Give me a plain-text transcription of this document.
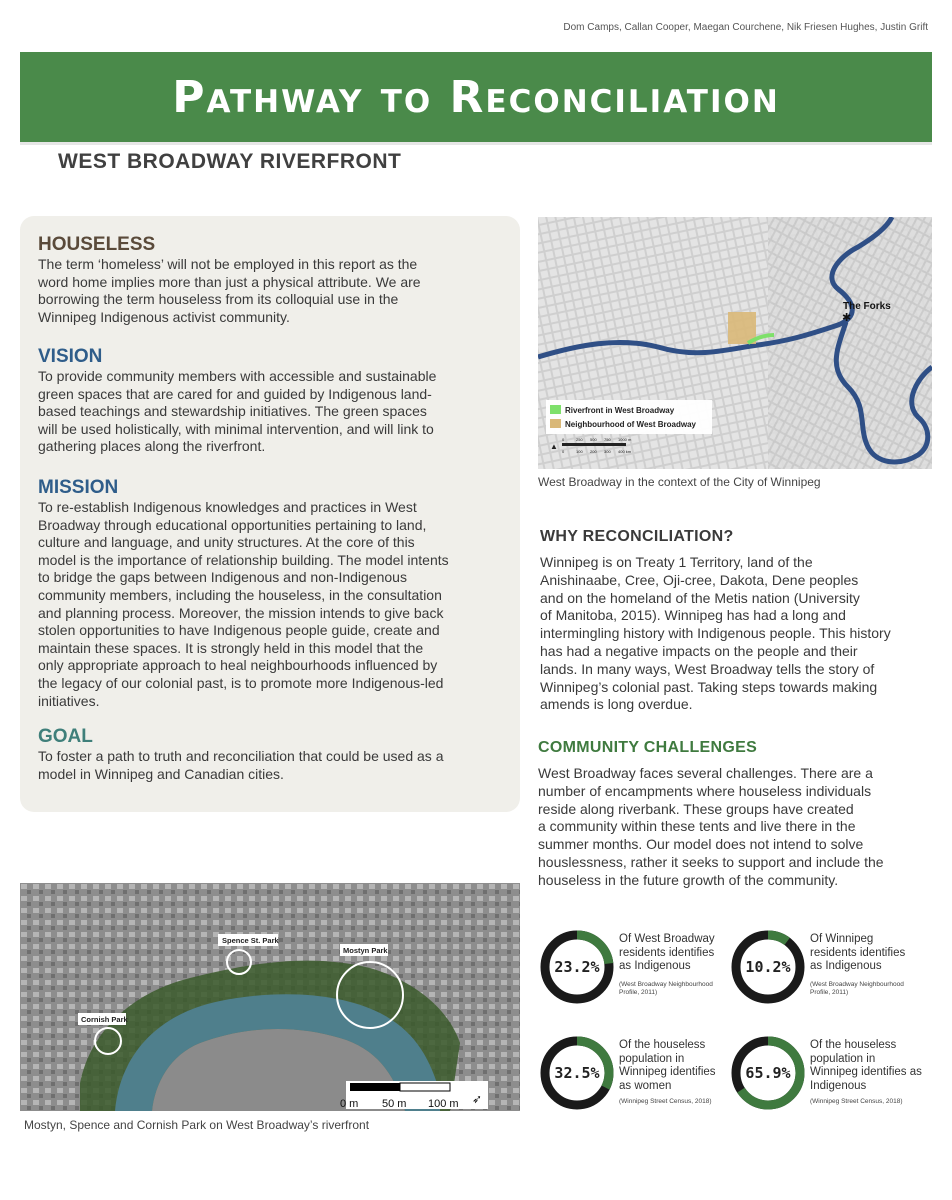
Dom Camps, Callan Cooper, Maegan Courchene, Nik Friesen Hughes, Justin Grift
Pathway to Reconciliation
WEST BROADWAY RIVERFRONT
HOUSELESS

The term ‘homeless’ will not be employed in this report as the
word home implies more than just a physical attribute. We are
borrowing the term houseless from its colloquial use in the
Winnipeg Indigenous activist community.

VISION

To provide community members with accessible and sustainable
green spaces that are cared for and guided by Indigenous land-
based teachings and stewardship initiatives. The green spaces
will be used holistically, with minimal intervention, and will link to
gathering places along the riverfront.

MISSION

To re-establish Indigenous knowledges and practices in West
Broadway through educational opportunities pertaining to land,
culture and language, and unity structures. At the core of this
model is the importance of relationship building. The model intents
to bridge the gaps between Indigenous and non-Indigenous
community members, including the houseless, in the consultation
and planning process. Moreover, the mission intends to give back
stolen opportunities to have Indigenous people guide, create and
maintain these spaces. It is strongly held in this model that the
only appropriate approach to heal neighbourhoods influenced by
the legacy of our colonial past, is to promote more Indigenous-led
initiatives.

GOAL

To foster a path to truth and reconciliation that could be used as a
model in Winnipeg and Canadian cities.

The Forks
✱
Riverfront in West Broadway
Neighbourhood of West Broadway
▲
0	250 500 750 1000 m
0	100 200 300 400 km
West Broadway in the context of the City of Winnipeg
WHY RECONCILIATION?

Winnipeg is on Treaty 1 Territory, land of the
Anishinaabe, Cree, Oji-cree, Dakota, Dene peoples
and on the homeland of the Metis nation (University
of Manitoba, 2015). Winnipeg has had a long and
intermingling history with Indigenous people. This history
has had a negative impacts on the people and their
lands. In many ways, West Broadway tells the story of
Winnipeg’s colonial past. Taking steps towards making
amends is long overdue.

COMMUNITY CHALLENGES

West Broadway faces several challenges. There are a
number of encampments where houseless individuals
reside along riverbank. These groups have created
a community within these tents and live there in the
summer months. Our model does not intend to solve
houslessness, rather it seeks to support and include the
houseless in the future growth of the community.

Spence St. Park
Mostyn Park
Cornish Park
0 m 50 m 100 m ➶
Mostyn, Spence and Cornish Park on West Broadway’s riverfront
23.2%
Of West Broadway
residents identifies
as Indigenous
(West Broadway Neighbourhood
Profile, 2011)
10.2%
Of Winnipeg
residents identifies
as Indigenous
(West Broadway Neighbourhood
Profile, 2011)
32.5%
Of the houseless
population in
Winnipeg identifies
as women
(Winnipeg Street Census, 2018)
65.9%
Of the houseless
population in
Winnipeg identifies as
Indigenous
(Winnipeg Street Census, 2018)
